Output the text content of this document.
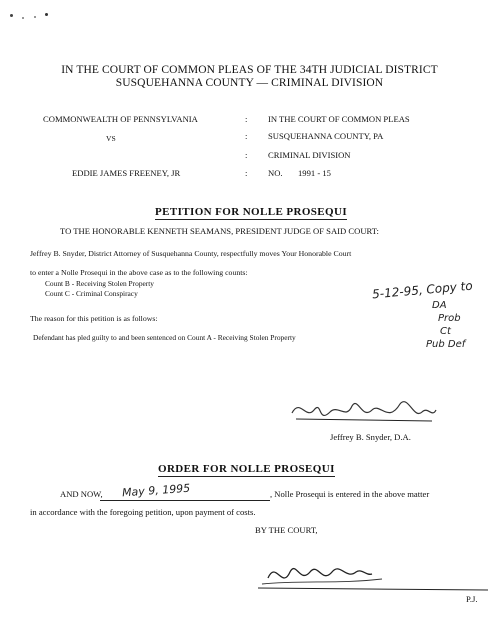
IN THE COURT OF COMMON PLEAS OF THE 34TH JUDICIAL DISTRICT
SUSQUEHANNA COUNTY — CRIMINAL DIVISION
COMMONWEALTH OF PENNSYLVANIA
VS
EDDIE JAMES FREENEY, JR
:
:
:
:
IN THE COURT OF COMMON PLEAS
SUSQUEHANNA COUNTY, PA
CRIMINAL DIVISION
NO. 1991 - 15
PETITION FOR NOLLE PROSEQUI
TO THE HONORABLE KENNETH SEAMANS, PRESIDENT JUDGE OF SAID COURT:
Jeffrey B. Snyder, District Attorney of Susquehanna County, respectfully moves Your Honorable Court
to enter a Nolle Prosequi in the above case as to the following counts:
Count B - Receiving Stolen Property
Count C - Criminal Conspiracy
The reason for this petition is as follows:
Defendant has pled guilty to and been sentenced on Count A - Receiving Stolen Property
5-12-95, Copy to
DA
Prob
Ct
Pub Def
Jeffrey B. Snyder, D.A.
ORDER FOR NOLLE PROSEQUI
AND NOW, May 9, 1995	, Nolle Prosequi is entered in the above matter
in accordance with the foregoing petition, upon payment of costs.
BY THE COURT,
P.J.
